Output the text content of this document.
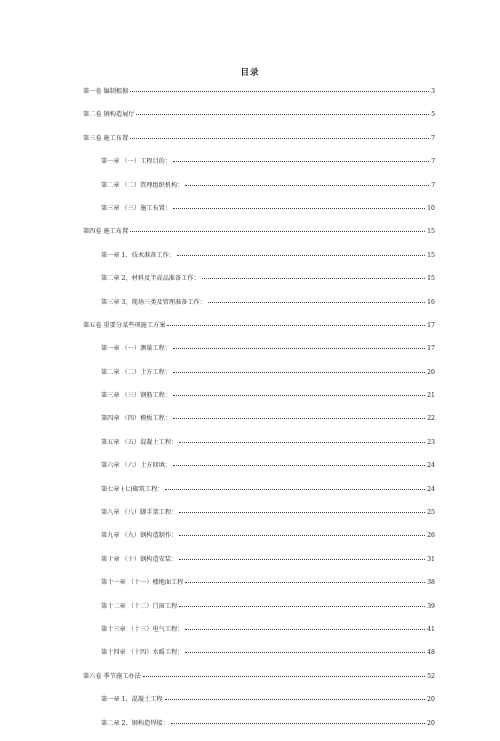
目录
第一卷 编制根据	3
第二卷 钢构造展厅	5
第三卷 施工布置	7
第一章 （一）工程目的：	7
第二章 （二）管理组织机构：	7
第三章 （三）施工布置：	10
第四卷 施工布置	15
第一章 1、技术准备工作：	15
第二章 2、材料及半成品准备工作：	15
第三章 3、现场三类及管理准备工作：	16
第五卷 重要分某些项施工方案	17
第一章 （一）测量工程：	17
第二章 （二）土方工程：	20
第三章 （三）钢筋工程：	21
第四章 （四）模板工程：	22
第五章 （五）混凝土工程：	23
第六章 （六）土方回填：	24
第七章 (七)砌筑工程：	24
第八章 （八）脚手架工程：	25
第九章 （九）钢构造制作：	26
第十章 （十）钢构造安装：	31
第十一章 （十一）楼地面工程	38
第十二章 （十二）门窗工程	39
第十三章 （十三）电气工程：	41
第十四章 （十四）水暖工程：	48
第六卷 季节施工办法	52
第一章 1、混凝土工程	20
第二章 2、钢构造焊接：	20
